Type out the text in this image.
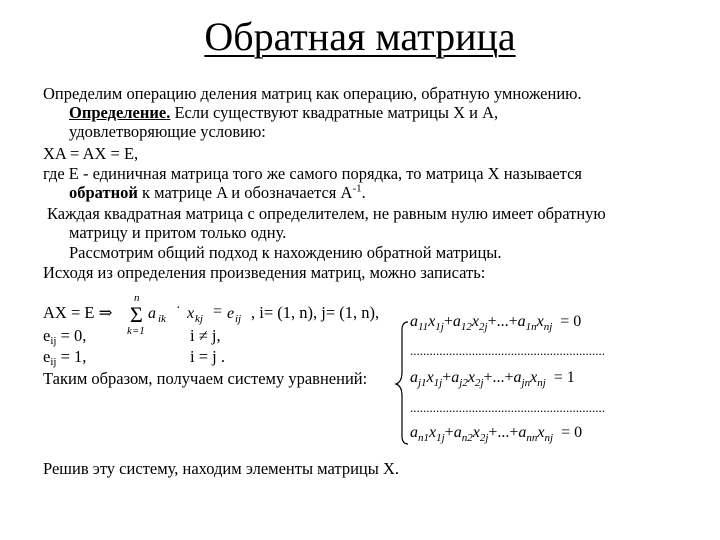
Обратная матрица
Определим операцию деления матриц как операцию, обратную умножению.
Определение. Если существуют квадратные матрицы X и A,
удовлетворяющие условию:
XA = AX = E,
где E - единичная матрица того же самого порядка, то матрица X называется
обратной к матрице A и обозначается $A^{-1}$.
Каждая квадратная матрица с определителем, не равным нулю имеет обратную
матрицу и притом только одну.
Рассмотрим общий подход к нахождению обратной матрицы.
Исходя из определения произведения матриц, можно записать:
AX = E ⇒
n
Σ
k=1
a ik
· x kj = e ij , i= (1, n), j= (1, n),
eij = 0,	i ≠ j,
eij = 1,	i = j .
Таким образом, получаем систему уравнений:
$a_{11}x_{1j}+a_{12}x_{2j}+...+a_{1n}x_{nj} = 0$
............................................................
$a_{j1}x_{1j}+a_{j2}x_{2j}+...+a_{jn}x_{nj} = 1$
............................................................
$a_{n1}x_{1j}+a_{n2}x_{2j}+...+a_{nn}x_{nj} = 0$
Решив эту систему, находим элементы матрицы X.
